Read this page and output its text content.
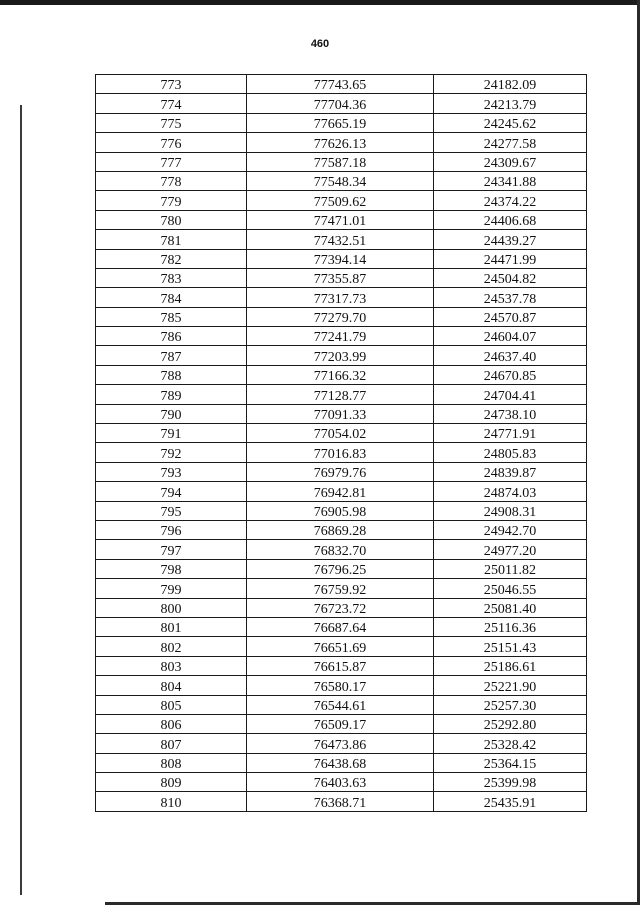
460
773	77743.65	24182.09
774	77704.36	24213.79
775	77665.19	24245.62
776	77626.13	24277.58
777	77587.18	24309.67
778	77548.34	24341.88
779	77509.62	24374.22
780	77471.01	24406.68
781	77432.51	24439.27
782	77394.14	24471.99
783	77355.87	24504.82
784	77317.73	24537.78
785	77279.70	24570.87
786	77241.79	24604.07
787	77203.99	24637.40
788	77166.32	24670.85
789	77128.77	24704.41
790	77091.33	24738.10
791	77054.02	24771.91
792	77016.83	24805.83
793	76979.76	24839.87
794	76942.81	24874.03
795	76905.98	24908.31
796	76869.28	24942.70
797	76832.70	24977.20
798	76796.25	25011.82
799	76759.92	25046.55
800	76723.72	25081.40
801	76687.64	25116.36
802	76651.69	25151.43
803	76615.87	25186.61
804	76580.17	25221.90
805	76544.61	25257.30
806	76509.17	25292.80
807	76473.86	25328.42
808	76438.68	25364.15
809	76403.63	25399.98
810	76368.71	25435.91
